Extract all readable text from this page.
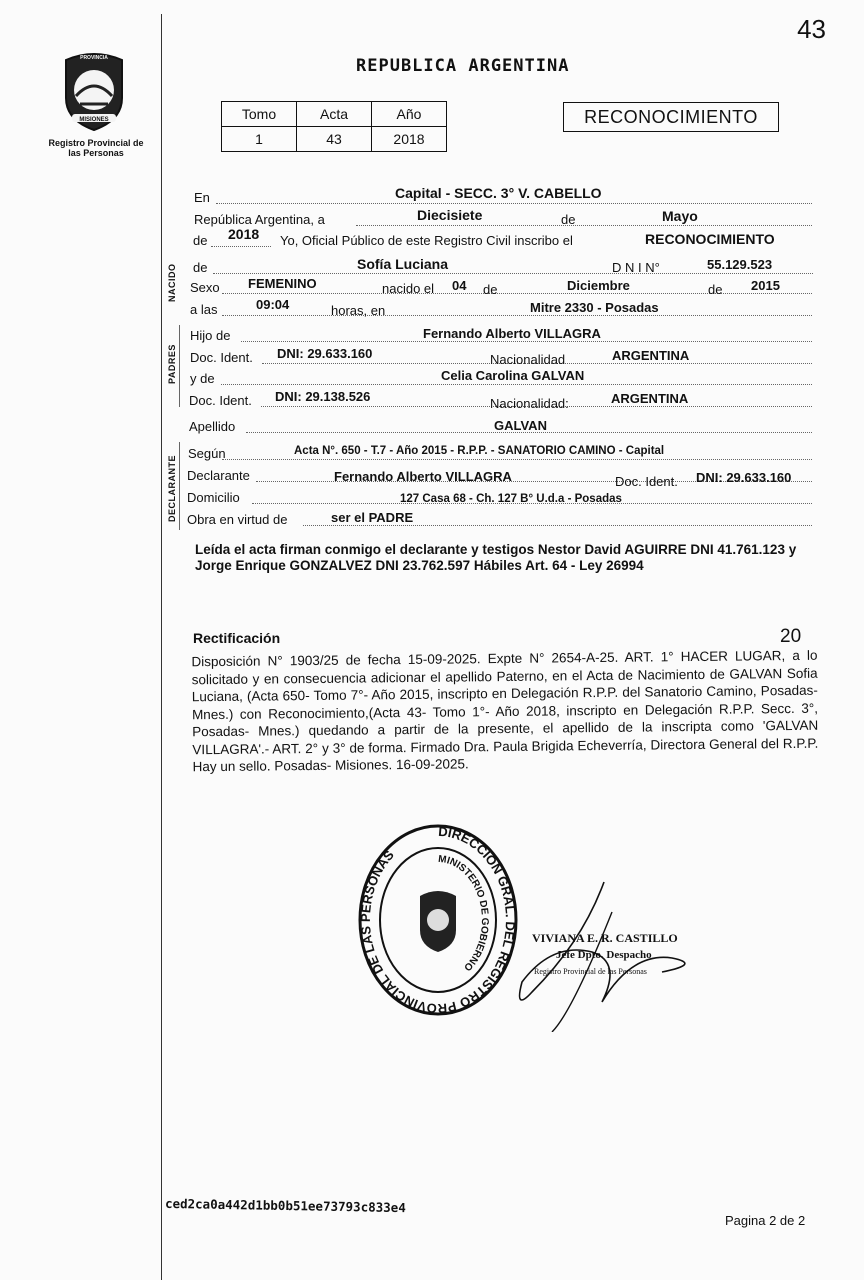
43
MISIONES
PROVINCIA
Registro Provincial de las Personas
REPUBLICA ARGENTINA
Tomo	Acta	Año
1	43	2018
RECONOCIMIENTO
En	Capital - SECC. 3° V. CABELLO
República Argentina, a	Diecisiete	de	Mayo
de 2018 Yo, Oficial Público de este Registro Civil inscribo el	RECONOCIMIENTO
NACIDO de	Sofía Luciana	D N I N°	55.129.523
Sexo FEMENINO	nacido el 04 de	Diciembre	de 2015
a las	09:04	horas, en	Mitre 2330 - Posadas
PADRES
Hijo de	Fernando Alberto VILLAGRA
Doc. Ident. DNI: 29.633.160	Nacionalidad	ARGENTINA
y de	Celia Carolina GALVAN
Doc. Ident. DNI: 29.138.526	Nacionalidad:	ARGENTINA
Apellido	GALVAN
DECLARANTE
Según	Acta N°. 650 - T.7 - Año 2015 - R.P.P. - SANATORIO CAMINO - Capital
Declarante	Fernando Alberto VILLAGRA	Doc. Ident. DNI: 29.633.160
Domicilio	127 Casa 68 - Ch. 127 B° U.d.a - Posadas
Obra en virtud de	ser el PADRE
Leída el acta firman conmigo el declarante y testigos Nestor David AGUIRRE DNI 41.761.123 y Jorge Enrique GONZALVEZ DNI 23.762.597 Hábiles Art. 64 - Ley 26994
Rectificación	20
Disposición N° 1903/25 de fecha 15-09-2025. Expte N° 2654-A-25. ART. 1° HACER LUGAR, a lo solicitado y en consecuencia adicionar el apellido Paterno, en el Acta de Nacimiento de GALVAN Sofia Luciana, (Acta 650- Tomo 7°- Año 2015, inscripto en Delegación R.P.P. del Sanatorio Camino, Posadas- Mnes.) con Reconocimiento,(Acta 43- Tomo 1°- Año 2018, inscripto en Delegación R.P.P. Secc. 3°, Posadas- Mnes.) quedando a partir de la presente, el apellido de la inscripta como 'GALVAN VILLAGRA'.- ART. 2° y 3° de forma. Firmado Dra. Paula Brigida Echeverría, Directora General del R.P.P. Hay un sello. Posadas- Misiones. 16-09-2025.
DIRECCION GRAL. DEL REGISTRO PROVINCIAL DE LAS PERSONAS	MINISTERIO DE GOBIERNO
VIVIANA E. R. CASTILLO
Jefe Dpto. Despacho
Registro Provincial de las Personas
ced2ca0a442d1bb0b51ee73793c833e4
Pagina 2 de 2
